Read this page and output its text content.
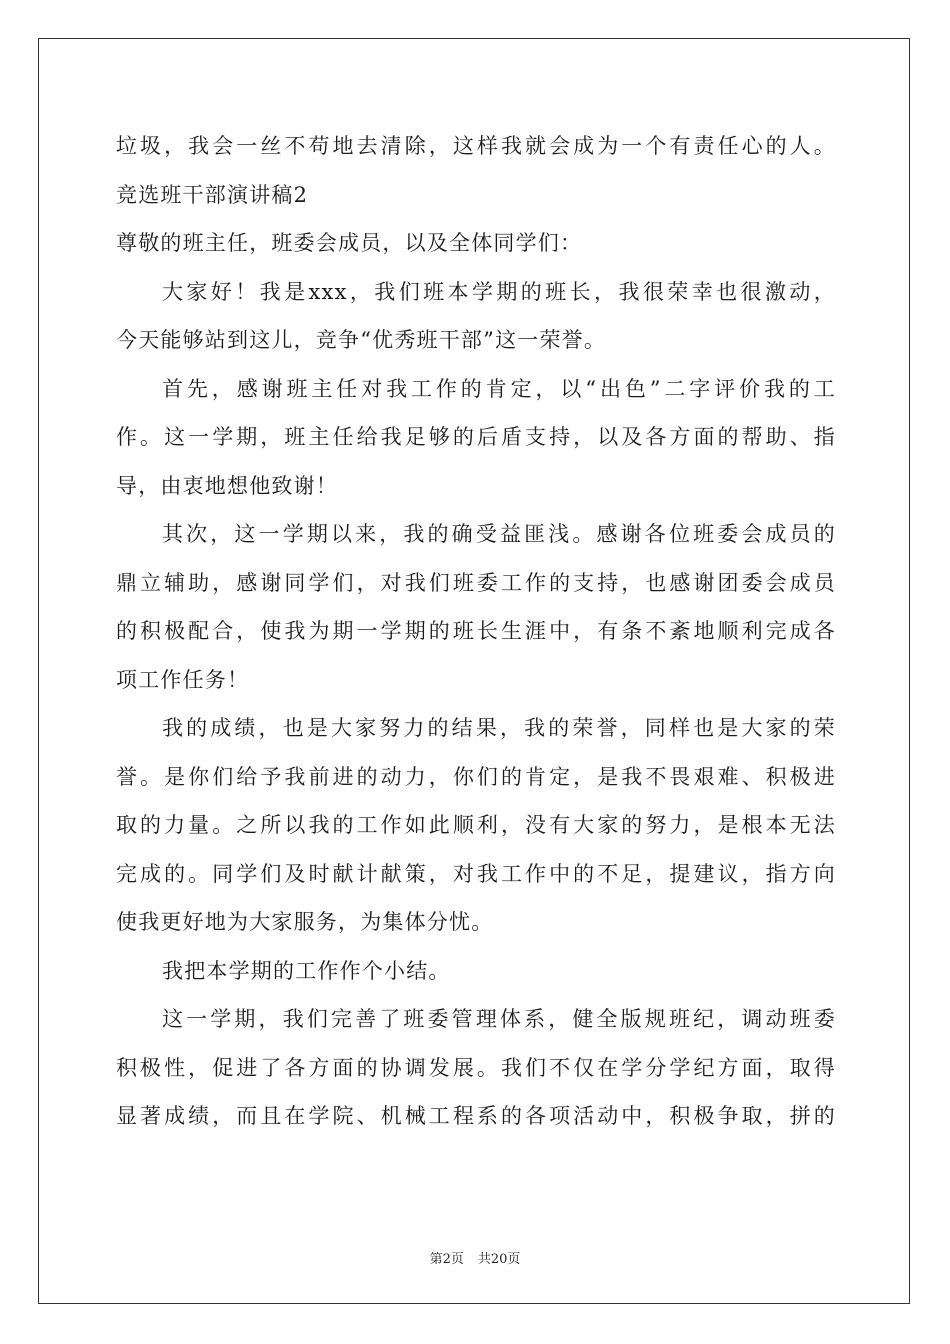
垃圾，我会一丝不苟地去清除，这样我就会成为一个有责任心的人。
竞选班干部演讲稿2
尊敬的班主任，班委会成员，以及全体同学们：
大家好！我是xxx，我们班本学期的班长，我很荣幸也很激动，
今天能够站到这儿，竞争“优秀班干部”这一荣誉。
首先，感谢班主任对我工作的肯定，以“出色”二字评价我的工
作。这一学期，班主任给我足够的后盾支持，以及各方面的帮助、指
导，由衷地想他致谢！
其次，这一学期以来，我的确受益匪浅。感谢各位班委会成员的
鼎立辅助，感谢同学们，对我们班委工作的支持，也感谢团委会成员
的积极配合，使我为期一学期的班长生涯中，有条不紊地顺利完成各
项工作任务！
我的成绩，也是大家努力的结果，我的荣誉，同样也是大家的荣
誉。是你们给予我前进的动力，你们的肯定，是我不畏艰难、积极进
取的力量。之所以我的工作如此顺利，没有大家的努力，是根本无法
完成的。同学们及时献计献策，对我工作中的不足，提建议，指方向
使我更好地为大家服务，为集体分忧。
我把本学期的工作作个小结。
这一学期，我们完善了班委管理体系，健全版规班纪，调动班委
积极性，促进了各方面的协调发展。我们不仅在学分学纪方面，取得
显著成绩，而且在学院、机械工程系的各项活动中，积极争取，拼的
第2页 共20页
